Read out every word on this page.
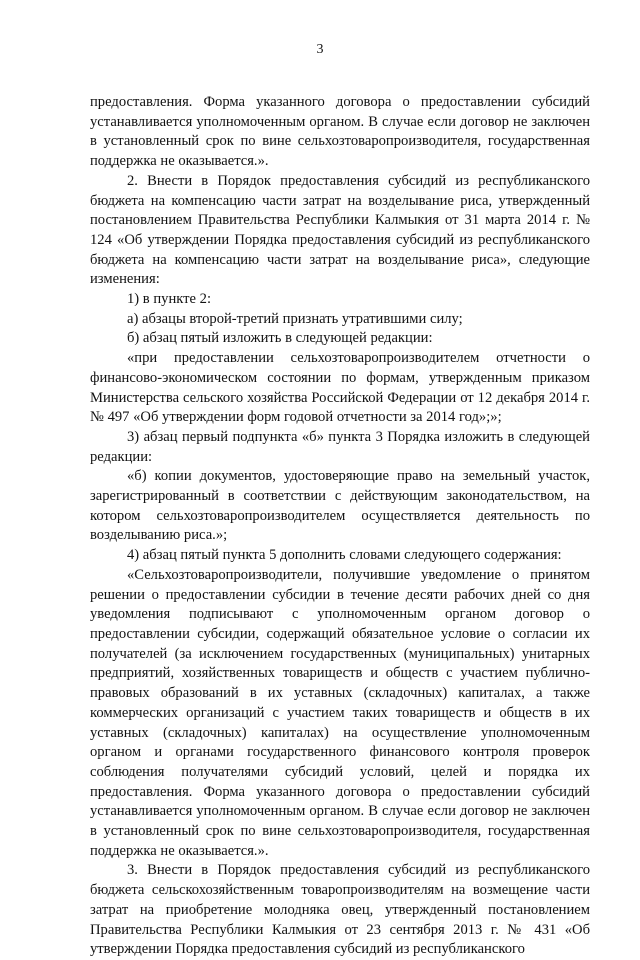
3

предоставления. Форма указанного договора о предоставлении субсидий устанавливается уполномоченным органом. В случае если договор не заключен в установленный срок по вине сельхозтоваропроизводителя, государственная поддержка не оказывается.».

2. Внести в Порядок предоставления субсидий из республиканского бюджета на компенсацию части затрат на возделывание риса, утвержденный постановлением Правительства Республики Калмыкия от 31 марта 2014 г. № 124 «Об утверждении Порядка предоставления субсидий из республиканского бюджета на компенсацию части затрат на возделывание риса», следующие изменения:

1) в пункте 2:

а) абзацы второй-третий признать утратившими силу;

б) абзац пятый изложить в следующей редакции:

«при предоставлении сельхозтоваропроизводителем отчетности о финансово-экономическом состоянии по формам, утвержденным приказом Министерства сельского хозяйства Российской Федерации от 12 декабря 2014 г. № 497 «Об утверждении форм годовой отчетности за 2014 год»;»;

3) абзац первый подпункта «б» пункта 3 Порядка изложить в следующей редакции:

«б) копии документов, удостоверяющие право на земельный участок, зарегистрированный в соответствии с действующим законодательством, на котором сельхозтоваропроизводителем осуществляется деятельность по возделыванию риса.»;

4) абзац пятый пункта 5 дополнить словами следующего содержания:

«Сельхозтоваропроизводители, получившие уведомление о принятом решении о предоставлении субсидии в течение десяти рабочих дней со дня уведомления подписывают с уполномоченным органом договор о предоставлении субсидии, содержащий обязательное условие о согласии их получателей (за исключением государственных (муниципальных) унитарных предприятий, хозяйственных товариществ и обществ с участием публично-правовых образований в их уставных (складочных) капиталах, а также коммерческих организаций с участием таких товариществ и обществ в их уставных (складочных) капиталах) на осуществление уполномоченным органом и органами государственного финансового контроля проверок соблюдения получателями субсидий условий, целей и порядка их предоставления. Форма указанного договора о предоставлении субсидий устанавливается уполномоченным органом. В случае если договор не заключен в установленный срок по вине сельхозтоваропроизводителя, государственная поддержка не оказывается.».

3. Внести в Порядок предоставления субсидий из республиканского бюджета сельскохозяйственным товаропроизводителям на возмещение части затрат на приобретение молодняка овец, утвержденный постановлением Правительства Республики Калмыкия от 23 сентября 2013 г. № 431 «Об утверждении Порядка предоставления субсидий из республиканского
